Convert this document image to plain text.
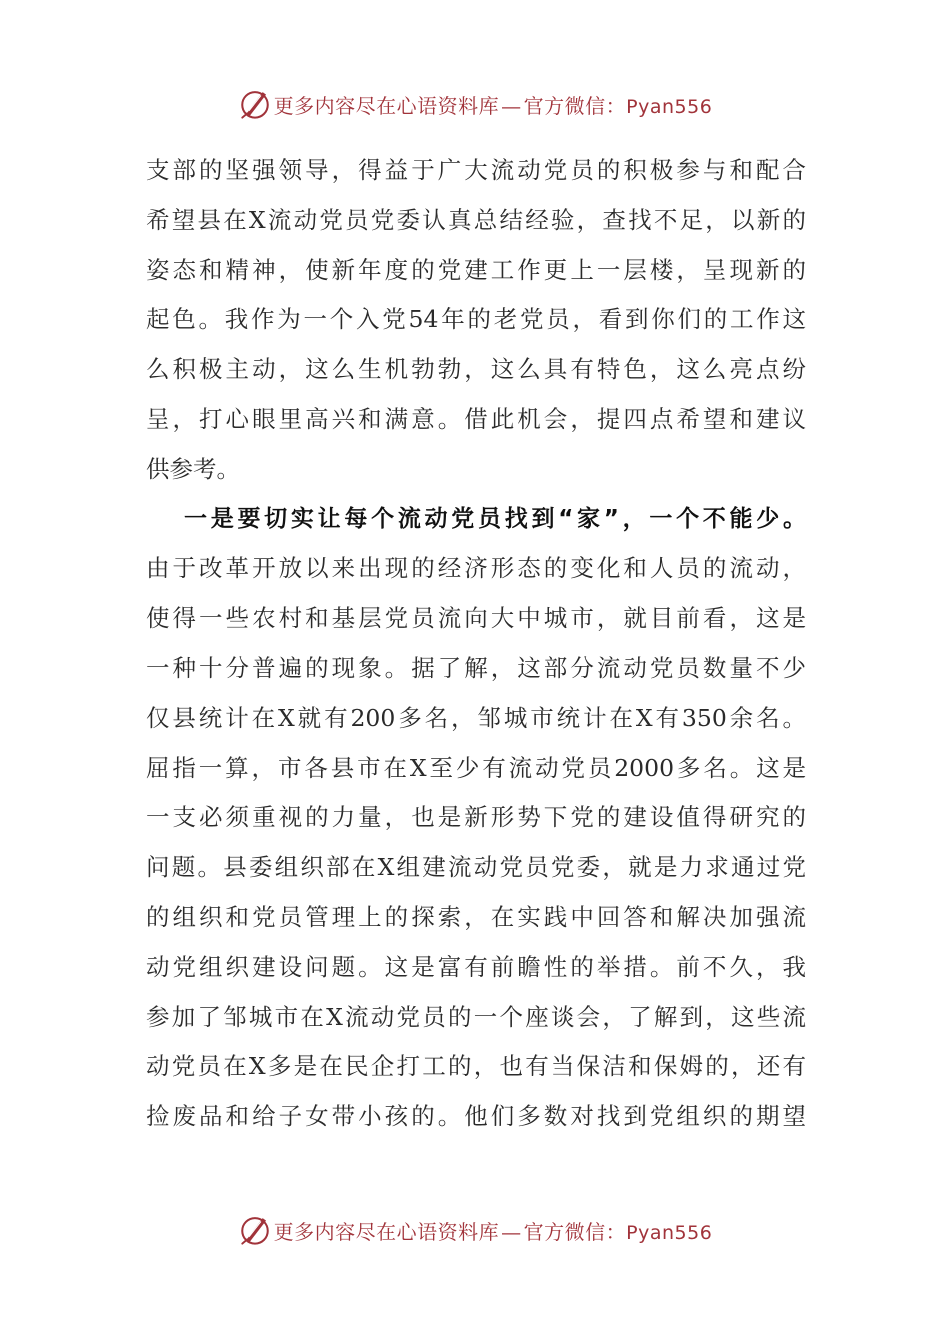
更多内容尽在心语资料库 — 官方微信：Pyan556
支部的坚强领导，得益于广大流动党员的积极参与和配合
希望县在X流动党员党委认真总结经验，查找不足，以新的
姿态和精神，使新年度的党建工作更上一层楼，呈现新的
起色。我作为一个入党54年的老党员，看到你们的工作这
么积极主动，这么生机勃勃，这么具有特色，这么亮点纷
呈，打心眼里高兴和满意。借此机会，提四点希望和建议
供参考。
一是要切实让每个流动党员找到“家”，一个不能少。
由于改革开放以来出现的经济形态的变化和人员的流动，
使得一些农村和基层党员流向大中城市，就目前看，这是
一种十分普遍的现象。据了解，这部分流动党员数量不少
仅县统计在X就有200多名，邹城市统计在X有350余名。
屈指一算，市各县市在X至少有流动党员2000多名。这是
一支必须重视的力量，也是新形势下党的建设值得研究的
问题。县委组织部在X组建流动党员党委，就是力求通过党
的组织和党员管理上的探索，在实践中回答和解决加强流
动党组织建设问题。这是富有前瞻性的举措。前不久，我
参加了邹城市在X流动党员的一个座谈会，了解到，这些流
动党员在X多是在民企打工的，也有当保洁和保姆的，还有
捡废品和给子女带小孩的。他们多数对找到党组织的期望
更多内容尽在心语资料库 — 官方微信：Pyan556
